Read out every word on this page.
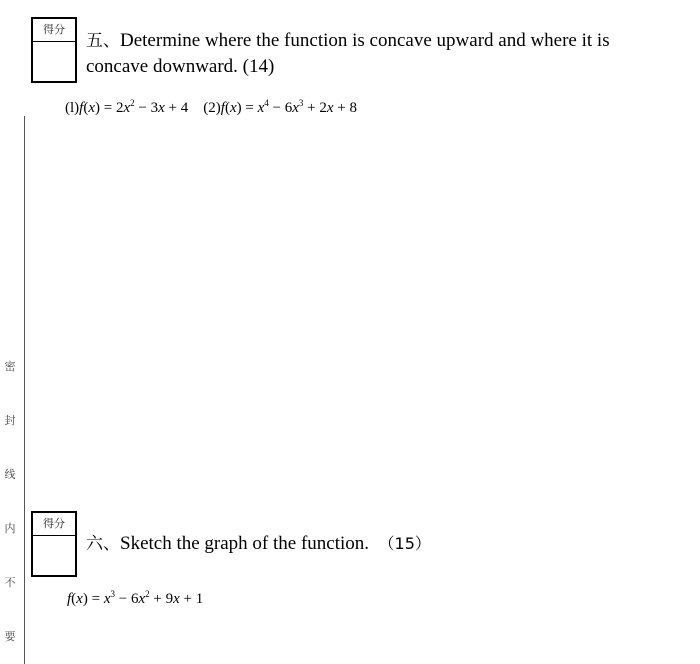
密
封
线
内
不
要
得分
五、Determine where the function is concave upward and where it is
concave downward. (14)
$(l)f(x) = 2x^2 - 3x + 4$    $(2)f(x) = x^4 - 6x^3 + 2x + 8$
得分
六、Sketch the graph of the function. （15）
$f(x) = x^3 - 6x^2 + 9x + 1$
